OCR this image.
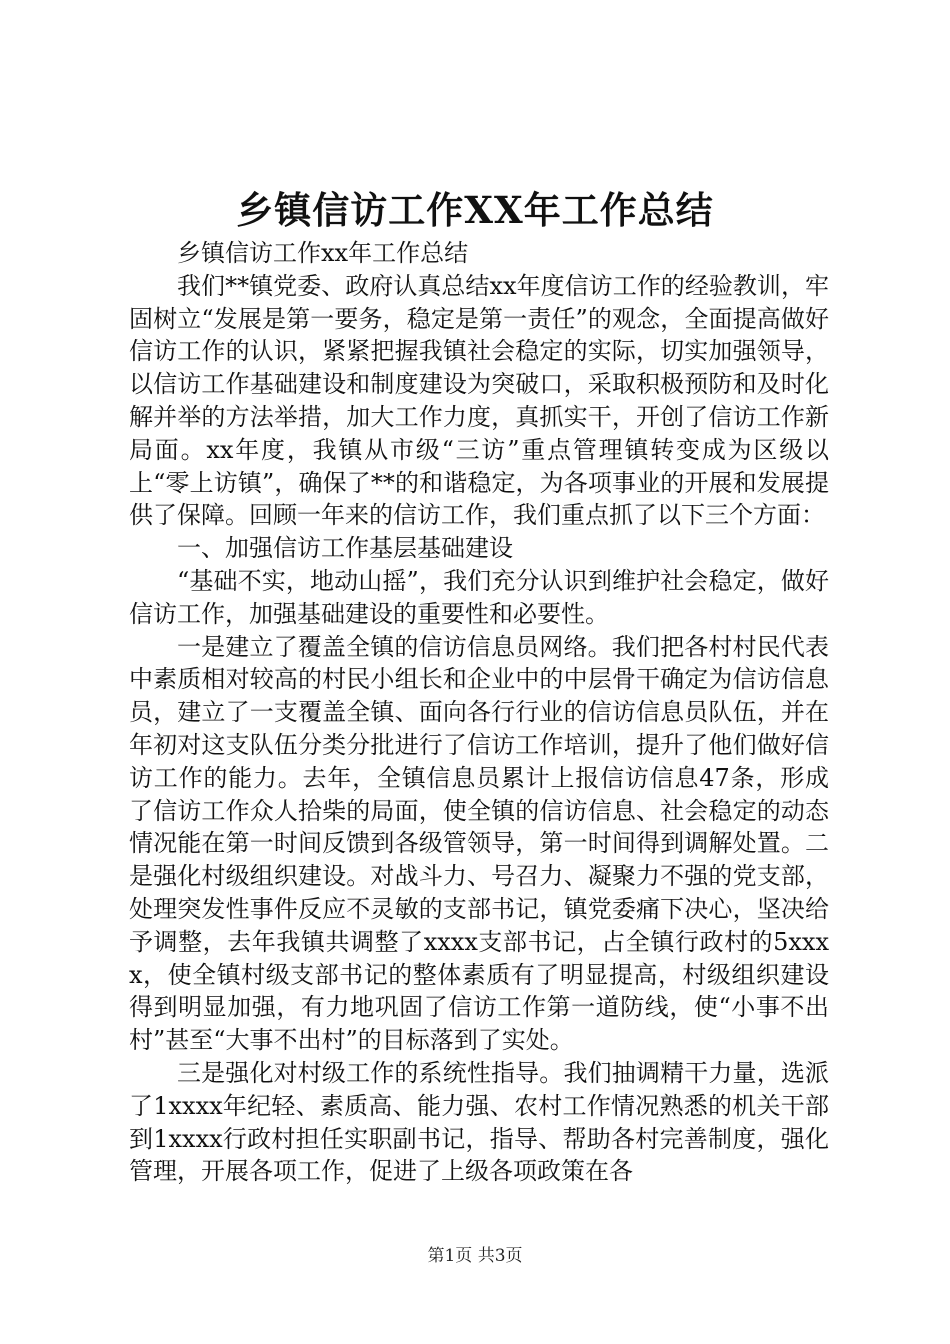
乡镇信访工作XX年工作总结

乡镇信访工作xx年工作总结

我们**镇党委、政府认真总结xx年度信访工作的经验教训，牢固树立“发展是第一要务，稳定是第一责任”的观念，全面提高做好信访工作的认识，紧紧把握我镇社会稳定的实际，切实加强领导，以信访工作基础建设和制度建设为突破口，采取积极预防和及时化解并举的方法举措，加大工作力度，真抓实干，开创了信访工作新局面。xx年度，我镇从市级“三访”重点管理镇转变成为区级以上“零上访镇”，确保了**的和谐稳定，为各项事业的开展和发展提供了保障。回顾一年来的信访工作，我们重点抓了以下三个方面：

一、加强信访工作基层基础建设

“基础不实，地动山摇”，我们充分认识到维护社会稳定，做好信访工作，加强基础建设的重要性和必要性。

一是建立了覆盖全镇的信访信息员网络。我们把各村村民代表中素质相对较高的村民小组长和企业中的中层骨干确定为信访信息员，建立了一支覆盖全镇、面向各行行业的信访信息员队伍，并在年初对这支队伍分类分批进行了信访工作培训，提升了他们做好信访工作的能力。去年，全镇信息员累计上报信访信息47条，形成了信访工作众人拾柴的局面，使全镇的信访信息、社会稳定的动态情况能在第一时间反馈到各级管领导，第一时间得到调解处置。二是强化村级组织建设。对战斗力、号召力、凝聚力不强的党支部，处理突发性事件反应不灵敏的支部书记，镇党委痛下决心，坚决给予调整，去年我镇共调整了xxxx支部书记，占全镇行政村的5xxxx，使全镇村级支部书记的整体素质有了明显提高，村级组织建设得到明显加强，有力地巩固了信访工作第一道防线，使“小事不出村”甚至“大事不出村”的目标落到了实处。

三是强化对村级工作的系统性指导。我们抽调精干力量，选派了1xxxx年纪轻、素质高、能力强、农村工作情况熟悉的机关干部到1xxxx行政村担任实职副书记，指导、帮助各村完善制度，强化管理，开展各项工作，促进了上级各项政策在各

第1页 共3页
